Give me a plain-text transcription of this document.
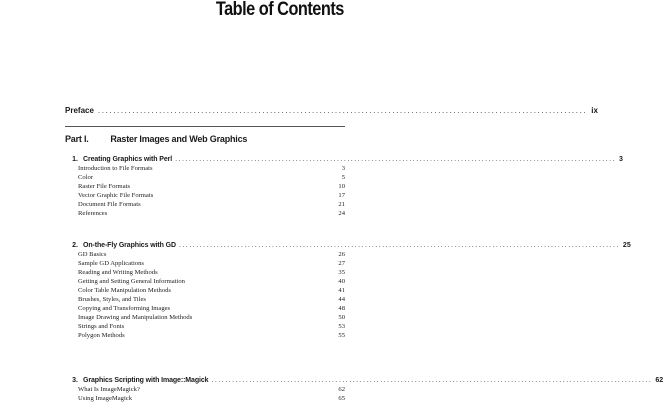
Table of Contents
Preface ................................................................................................................................ ix
Part I. Raster Images and Web Graphics
1. Creating Graphics with Perl ................................................................................................................................ 3
Introduction to File Formats	3
Color	5
Raster File Formats	10
Vector Graphic File Formats	17
Document File Formats	21
References	24
2. On-the-Fly Graphics with GD ................................................................................................................................ 25
GD Basics	26
Sample GD Applications	27
Reading and Writing Methods	35
Getting and Setting General Information	40
Color Table Manipulation Methods	41
Brushes, Styles, and Tiles	44
Copying and Transforming Images	48
Image Drawing and Manipulation Methods	50
Strings and Fonts	53
Polygon Methods	55
3. Graphics Scripting with Image::Magick ................................................................................................................................ 62
What Is ImageMagick?	62
Using ImageMagick	65
